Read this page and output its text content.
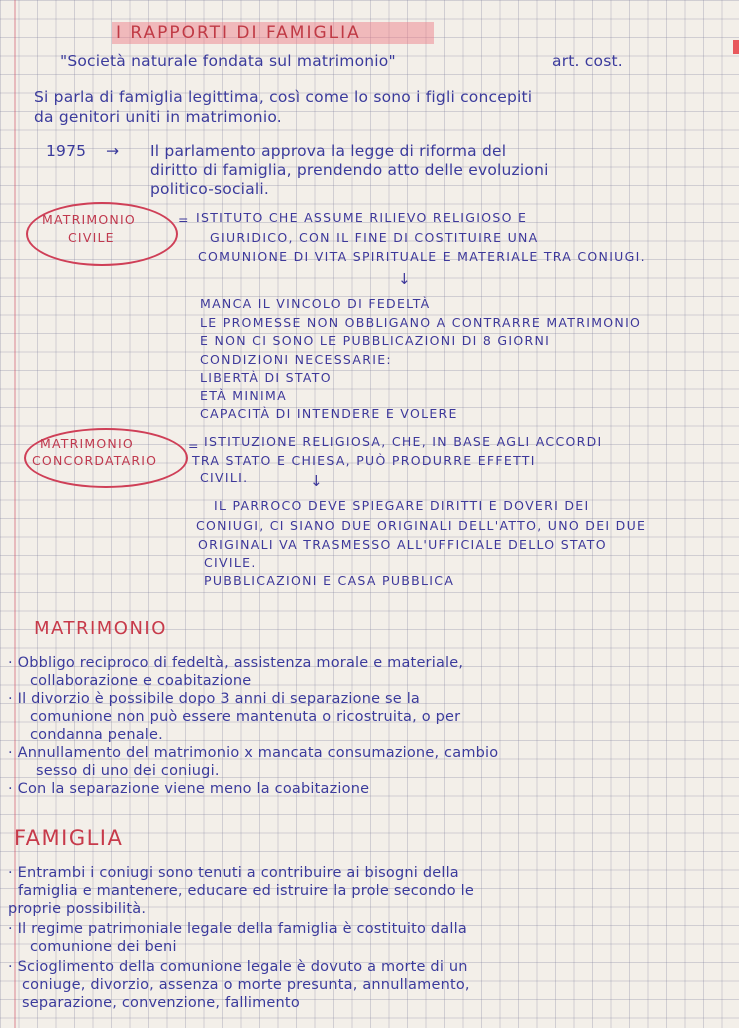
I RAPPORTI DI FAMIGLIA
"Società naturale fondata sul matrimonio"	art. cost.
Si parla di famiglia legittima, così come lo sono i figli concepiti
da genitori uniti in matrimonio.
1975 → Il parlamento approva la legge di riforma del
diritto di famiglia, prendendo atto delle evoluzioni
politico-sociali.
MATRIMONIO
CIVILE
= ISTITUTO CHE ASSUME RILIEVO RELIGIOSO E
GIURIDICO, CON IL FINE DI COSTITUIRE UNA
COMUNIONE DI VITA SPIRITUALE E MATERIALE TRA CONIUGI.
↓
MANCA IL VINCOLO DI FEDELTÀ
LE PROMESSE NON OBBLIGANO A CONTRARRE MATRIMONIO
E NON CI SONO LE PUBBLICAZIONI DI 8 GIORNI
CONDIZIONI NECESSARIE:
LIBERTÀ DI STATO
ETÀ MINIMA
CAPACITÀ DI INTENDERE E VOLERE
MATRIMONIO
CONCORDATARIO
= ISTITUZIONE RELIGIOSA, CHE, IN BASE AGLI ACCORDI
TRA STATO E CHIESA, PUÒ PRODURRE EFFETTI
CIVILI.	↓
IL PARROCO DEVE SPIEGARE DIRITTI E DOVERI DEI
CONIUGI, CI SIANO DUE ORIGINALI DELL'ATTO, UNO DEI DUE
ORIGINALI VA TRASMESSO ALL'UFFICIALE DELLO STATO
CIVILE.
PUBBLICAZIONI E CASA PUBBLICA
MATRIMONIO
· Obbligo reciproco di fedeltà, assistenza morale e materiale,
collaborazione e coabitazione
· Il divorzio è possibile dopo 3 anni di separazione se la
comunione non può essere mantenuta o ricostruita, o per
condanna penale.
· Annullamento del matrimonio x mancata consumazione, cambio
sesso di uno dei coniugi.
· Con la separazione viene meno la coabitazione
FAMIGLIA
· Entrambi i coniugi sono tenuti a contribuire ai bisogni della
famiglia e mantenere, educare ed istruire la prole secondo le
proprie possibilità.
· Il regime patrimoniale legale della famiglia è costituito dalla
comunione dei beni
· Scioglimento della comunione legale è dovuto a morte di un
coniuge, divorzio, assenza o morte presunta, annullamento,
separazione, convenzione, fallimento
